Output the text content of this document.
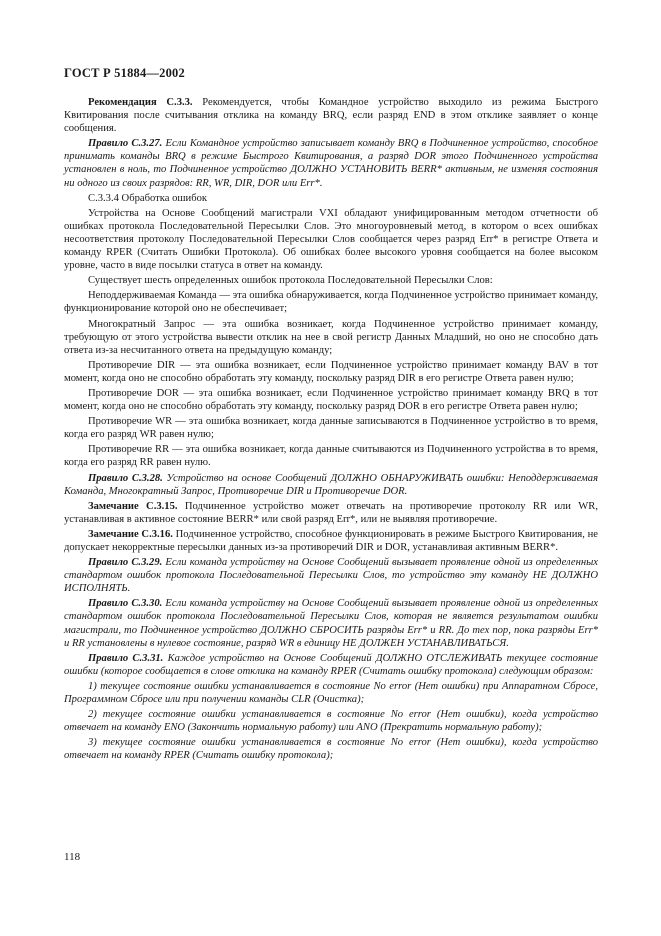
ГОСТ Р 51884—2002

Рекомендация С.3.3. Рекомендуется, чтобы Командное устройство выходило из режима Быстрого Квитирования после считывания отклика на команду BRQ, если разряд END в этом отклике заявляет о конце сообщения.

Правило С.3.27. Если Командное устройство записывает команду BRQ в Подчиненное устройство, способное принимать команды BRQ в режиме Быстрого Квитирования, а разряд DOR этого Подчиненного устройства установлен в ноль, то Подчиненное устройство ДОЛЖНО УСТАНОВИТЬ BERR* активным, не изменяя состояния ни одного из своих разрядов: RR, WR, DIR, DOR или Err*.

С.3.3.4 Обработка ошибок

Устройства на Основе Сообщений магистрали VXI обладают унифицированным методом отчетности об ошибках протокола Последовательной Пересылки Слов. Это многоуровневый метод, в котором о всех ошибках несоответствия протоколу Последовательной Пересылки Слов сообщается через разряд Err* в регистре Ответа и команду RPER (Считать Ошибки Протокола). Об ошибках более высокого уровня сообщается на более высоком уровне, часто в виде посылки статуса в ответ на команду.

Существует шесть определенных ошибок протокола Последовательной Пересылки Слов:

Неподдерживаемая Команда — эта ошибка обнаруживается, когда Подчиненное устройство принимает команду, функционирование которой оно не обеспечивает;

Многократный Запрос — эта ошибка возникает, когда Подчиненное устройство принимает команду, требующую от этого устройства вывести отклик на нее в свой регистр Данных Младший, но оно не способно дать ответа из-за несчитанного ответа на предыдущую команду;

Противоречие DIR — эта ошибка возникает, если Подчиненное устройство принимает команду BAV в тот момент, когда оно не способно обработать эту команду, поскольку разряд DIR в его регистре Ответа равен нулю;

Противоречие DOR — эта ошибка возникает, если Подчиненное устройство принимает команду BRQ в тот момент, когда оно не способно обработать эту команду, поскольку разряд DOR в его регистре Ответа равен нулю;

Противоречие WR — эта ошибка возникает, когда данные записываются в Подчиненное устройство в то время, когда его разряд WR равен нулю;

Противоречие RR — эта ошибка возникает, когда данные считываются из Подчиненного устройства в то время, когда его разряд RR равен нулю.

Правило С.3.28. Устройство на основе Сообщений ДОЛЖНО ОБНАРУЖИВАТЬ ошибки: Неподдерживаемая Команда, Многократный Запрос, Противоречие DIR и Противоречие DOR.

Замечание С.3.15. Подчиненное устройство может отвечать на противоречие протоколу RR или WR, устанавливая в активное состояние BERR* или свой разряд Err*, или не выявляя противоречие.

Замечание С.3.16. Подчиненное устройство, способное функционировать в режиме Быстрого Квитирования, не допускает некорректные пересылки данных из-за противоречий DIR и DOR, устанавливая активным BERR*.

Правило С.3.29. Если команда устройству на Основе Сообщений вызывает проявление одной из определенных стандартом ошибок протокола Последовательной Пересылки Слов, то устройство эту команду НЕ ДОЛЖНО ИСПОЛНЯТЬ.

Правило С.3.30. Если команда устройству на Основе Сообщений вызывает проявление одной из определенных стандартом ошибок протокола Последовательной Пересылки Слов, которая не является результатом ошибки магистрали, то Подчиненное устройство ДОЛЖНО СБРОСИТЬ разряды Err* и RR. До тех пор, пока разряды Err* и RR установлены в нулевое состояние, разряд WR в единицу НЕ ДОЛЖЕН УСТАНАВЛИВАТЬСЯ.

Правило С.3.31. Каждое устройство на Основе Сообщений ДОЛЖНО ОТСЛЕЖИВАТЬ текущее состояние ошибки (которое сообщается в слове отклика на команду RPER (Считать ошибку протокола) следующим образом:

1) текущее состояние ошибки устанавливается в состояние No error (Нет ошибки) при Аппаратном Сбросе, Программном Сбросе или при получении команды CLR (Очистка);

2) текущее состояние ошибки устанавливается в состояние No error (Нет ошибки), когда устройство отвечает на команду ENO (Закончить нормальную работу) или ANO (Прекратить нормальную работу);

3) текущее состояние ошибки устанавливается в состояние No error (Нет ошибки), когда устройство отвечает на команду RPER (Считать ошибку протокола);

118
